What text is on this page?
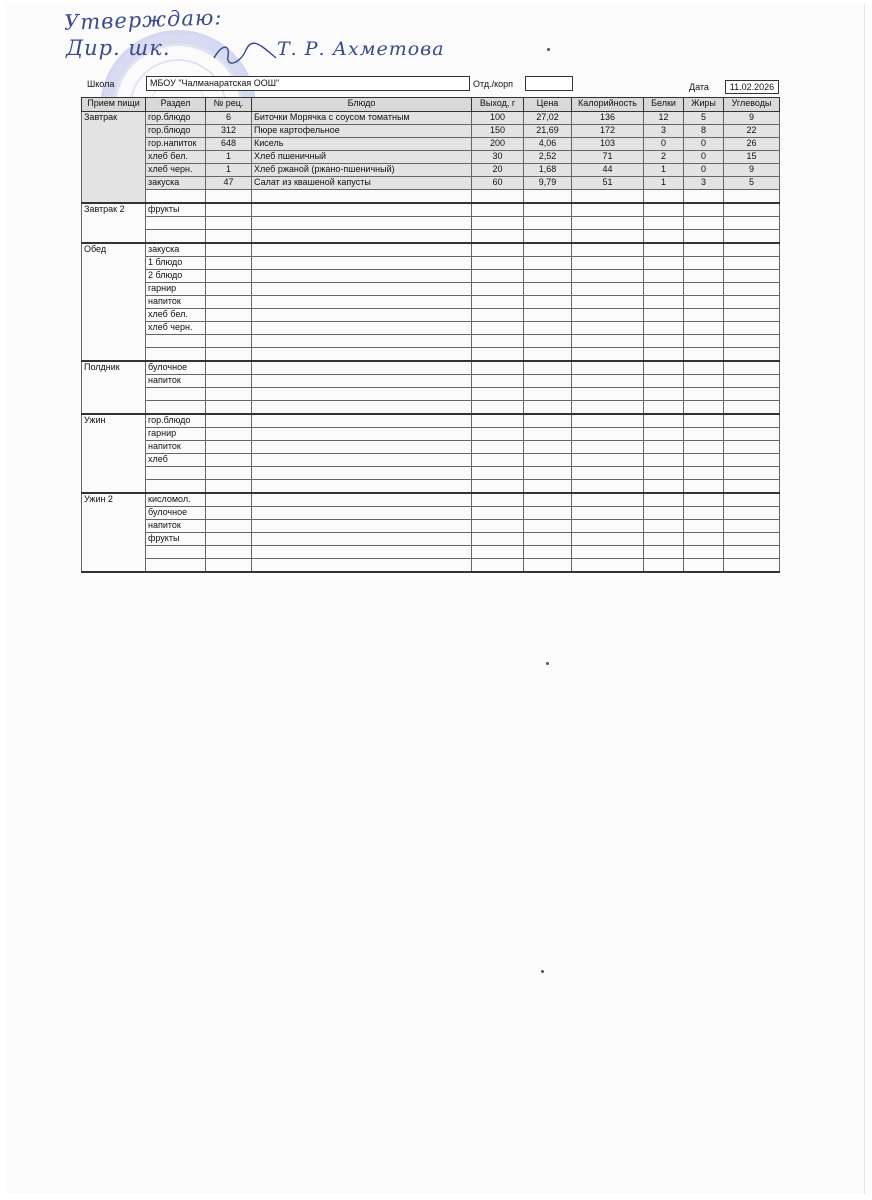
Утверждаю:
Дир. шк.	Т. Р. Ахметова
Школа	МБОУ "Чалманаратская ООШ"	Отд./корп	Дата	11.02.2026
Прием пищи	Раздел	№ рец.	Блюдо	Выход, г	Цена	Калорийность	Белки	Жиры	Углеводы
Завтрак	гор.блюдо	6	Биточки Морячка с соусом томатным	100	27,02	136	12	5	9
	гор.блюдо	312	Пюре картофельное	150	21,69	172	3	8	22
	гор.напиток	648	Кисель	200	4,06	103	0	0	26
	хлеб бел.	1	Хлеб пшеничный	30	2,52	71	2	0	15
	хлеб черн.	1	Хлеб ржаной (ржано-пшеничный)	20	1,68	44	1	0	9
	закуска	47	Салат из квашеной капусты	60	9,79	51	1	3	5

Завтрак 2	фрукты								

Обед	закуска								
	1 блюдо								
	2 блюдо								
	гарнир								
	напиток								
	хлеб бел.								
	хлеб черн.								

Полдник	булочное								
	напиток								

Ужин	гор.блюдо								
	гарнир								
	напиток								
	хлеб								

Ужин 2	кисломол.								
	булочное								
	напиток								
	фрукты								
